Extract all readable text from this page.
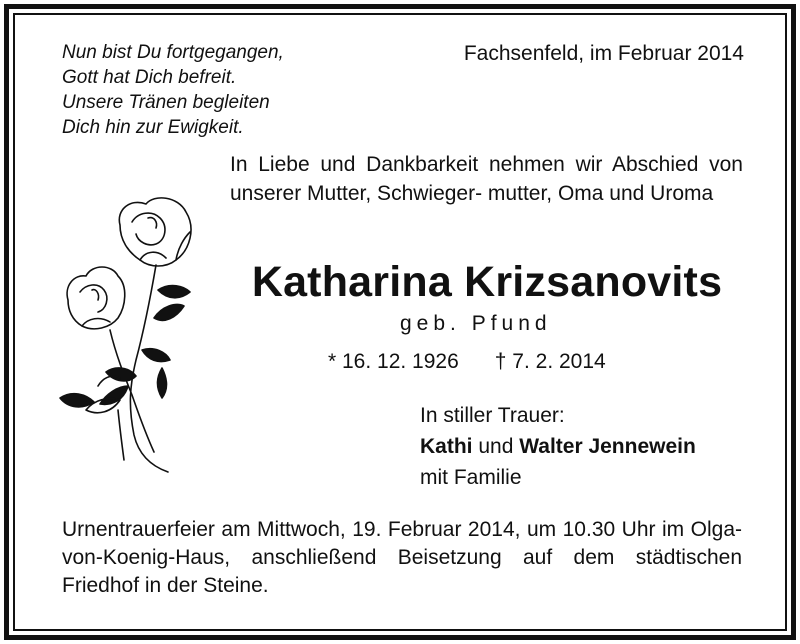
Nun bist Du fortgegangen,
Gott hat Dich befreit.
Unsere Tränen begleiten
Dich hin zur Ewigkeit.
Fachsenfeld, im Februar 2014
In Liebe und Dankbarkeit nehmen wir Abschied von unserer Mutter, Schwieger- mutter, Oma und Uroma
Katharina Krizsanovits
geb. Pfund
* 16. 12. 1926 † 7. 2. 2014
In stiller Trauer:
Kathi und Walter Jennewein
mit Familie
Urnentrauerfeier am Mittwoch, 19. Februar 2014, um 10.30 Uhr im Olga-von-Koenig-Haus, anschließend Beisetzung auf dem städtischen Friedhof in der Steine.
